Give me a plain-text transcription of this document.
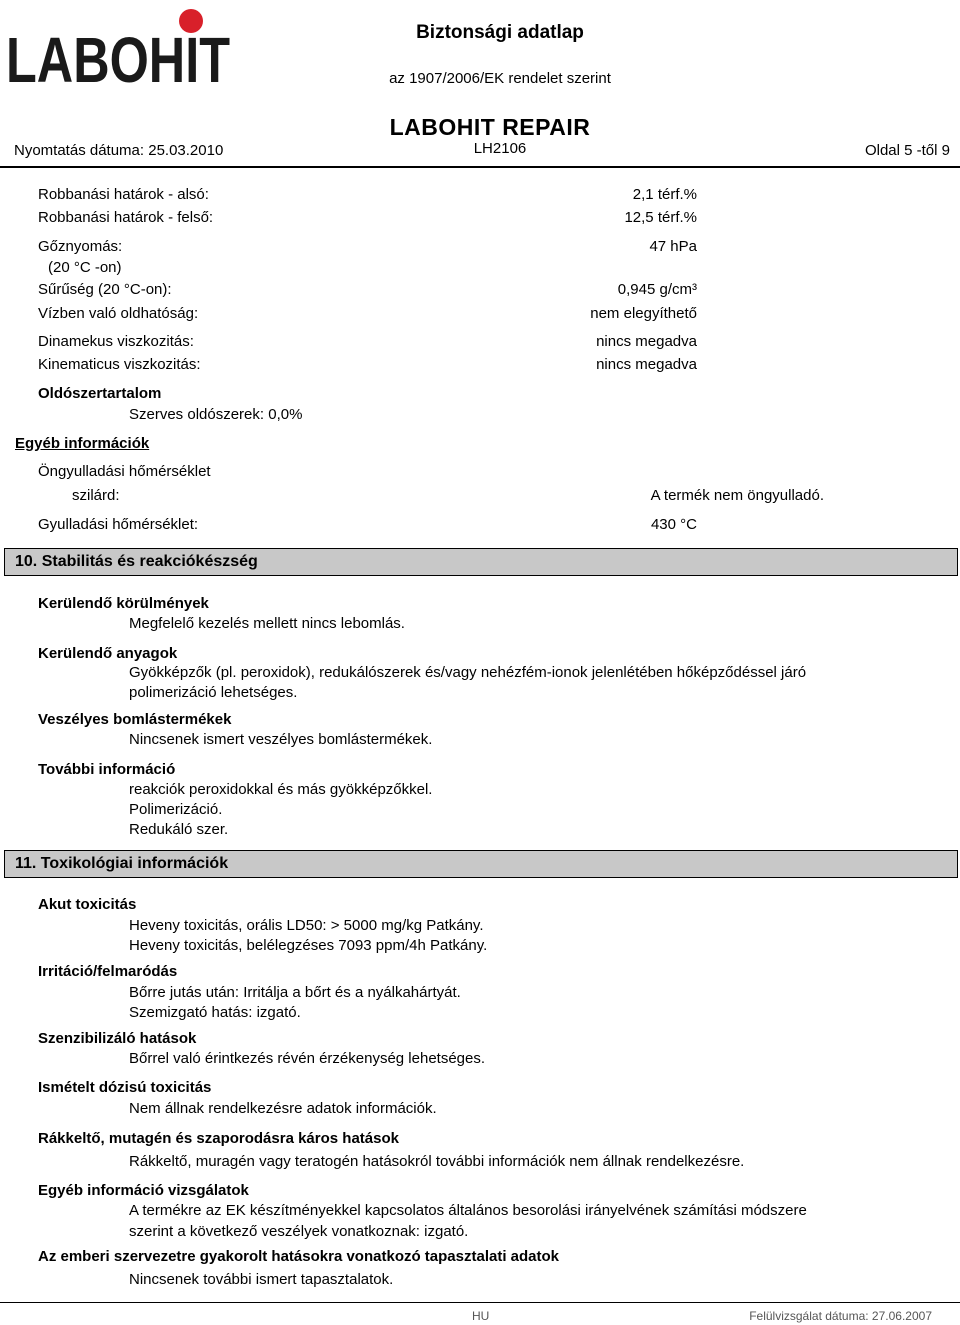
LABOHIT	Biztonsági adatlap
az 1907/2006/EK rendelet szerint
LABOHIT REPAIR
Nyomtatás dátuma: 25.03.2010	LH2106	Oldal 5 -től 9
Robbanási határok - alsó:	2,1 térf.%
Robbanási határok - felső:	12,5 térf.%
Gőznyomás:	47 hPa
(20 °C -on)
Sűrűség (20 °C-on):	0,945 g/cm³
Vízben való oldhatóság:	nem elegyíthető
Dinamekus viszkozitás:	nincs megadva
Kinematicus viszkozitás:	nincs megadva
Oldószertartalom
Szerves oldószerek: 0,0%
Egyéb információk
Öngyulladási hőmérséklet
szilárd:	A termék nem öngyulladó.
Gyulladási hőmérséklet:	430 °C
10. Stabilitás és reakciókészség
Kerülendő körülmények
Megfelelő kezelés mellett nincs lebomlás.
Kerülendő anyagok
Gyökképzők (pl. peroxidok), redukálószerek és/vagy nehézfém-ionok jelenlétében hőképződéssel járó
polimerizáció lehetséges.
Veszélyes bomlástermékek
Nincsenek ismert veszélyes bomlástermékek.
További információ
reakciók peroxidokkal és más gyökképzőkkel.
Polimerizáció.
Redukáló szer.
11. Toxikológiai információk
Akut toxicitás
Heveny toxicitás, orális LD50: > 5000 mg/kg Patkány.
Heveny toxicitás, belélegzéses 7093 ppm/4h Patkány.
Irritáció/felmaródás
Bőrre jutás után: Irritálja a bőrt és a nyálkahártyát.
Szemizgató hatás: izgató.
Szenzibilizáló hatások
Bőrrel való érintkezés révén érzékenység lehetséges.
Ismételt dózisú toxicitás
Nem állnak rendelkezésre adatok információk.
Rákkeltő, mutagén és szaporodásra káros hatások
Rákkeltő, muragén vagy teratogén hatásokról további információk nem állnak rendelkezésre.
Egyéb információ vizsgálatok
A termékre az EK készítményekkel kapcsolatos általános besorolási irányelvének számítási módszere
szerint a következő veszélyek vonatkoznak: izgató.
Az emberi szervezetre gyakorolt hatásokra vonatkozó tapasztalati adatok
Nincsenek további ismert tapasztalatok.
HU	Felülvizsgálat dátuma: 27.06.2007
